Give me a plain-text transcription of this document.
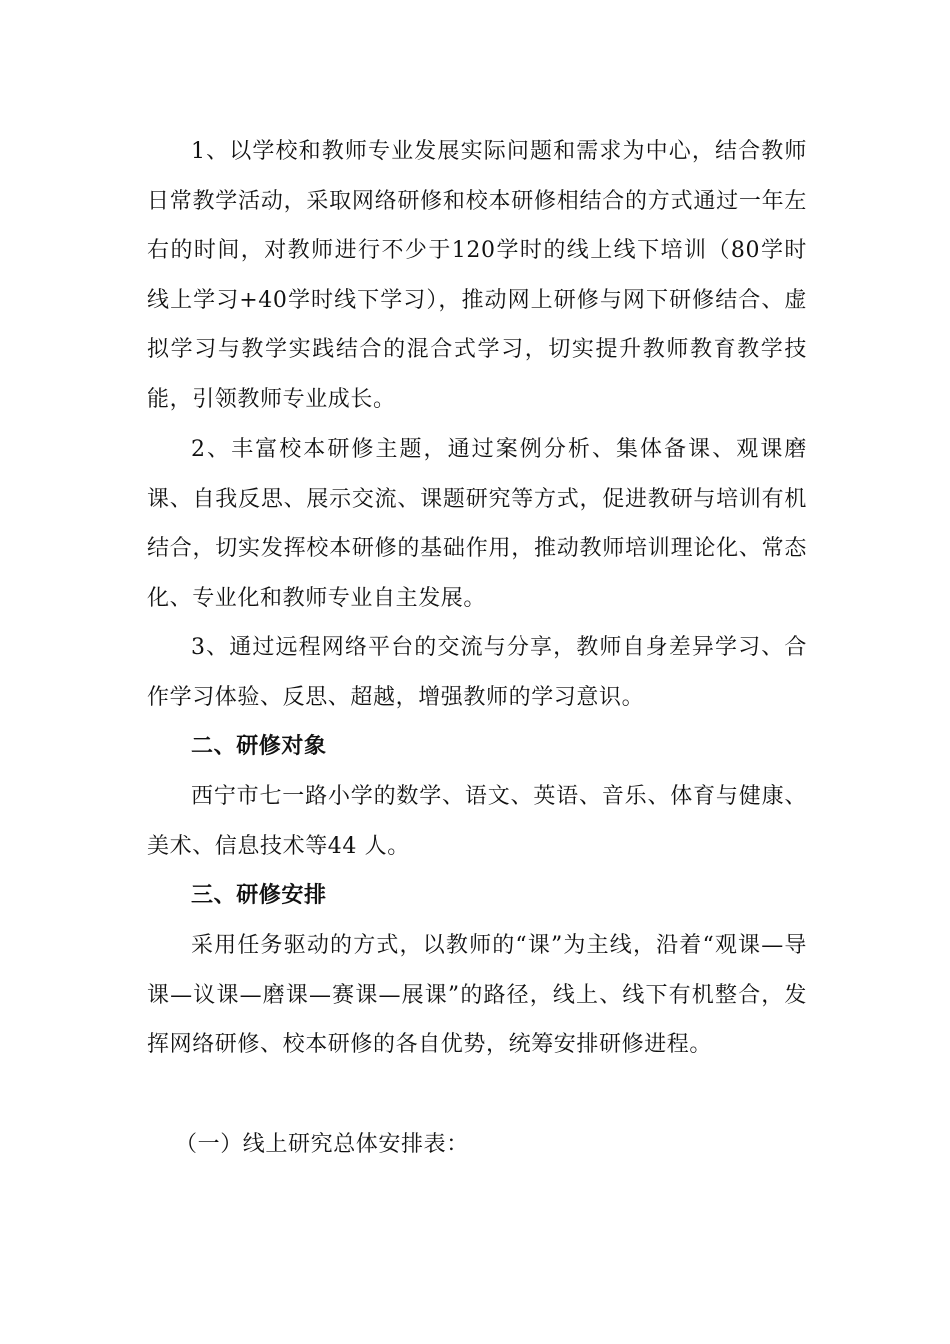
1、以学校和教师专业发展实际问题和需求为中心，结合教师日常教学活动，采取网络研修和校本研修相结合的方式通过一年左右的时间，对教师进行不少于120学时的线上线下培训（80学时线上学习+40学时线下学习），推动网上研修与网下研修结合、虚拟学习与教学实践结合的混合式学习，切实提升教师教育教学技能，引领教师专业成长。

2、丰富校本研修主题，通过案例分析、集体备课、观课磨课、自我反思、展示交流、课题研究等方式，促进教研与培训有机结合，切实发挥校本研修的基础作用，推动教师培训理论化、常态化、专业化和教师专业自主发展。

3、通过远程网络平台的交流与分享，教师自身差异学习、合作学习体验、反思、超越，增强教师的学习意识。

二、研修对象

西宁市七一路小学的数学、语文、英语、音乐、体育与健康、美术、信息技术等44 人。

三、研修安排

采用任务驱动的方式，以教师的“课”为主线，沿着“观课—导课—议课—磨课—赛课—展课”的路径，线上、线下有机整合，发挥网络研修、校本研修的各自优势，统筹安排研修进程。

（一）线上研究总体安排表：
